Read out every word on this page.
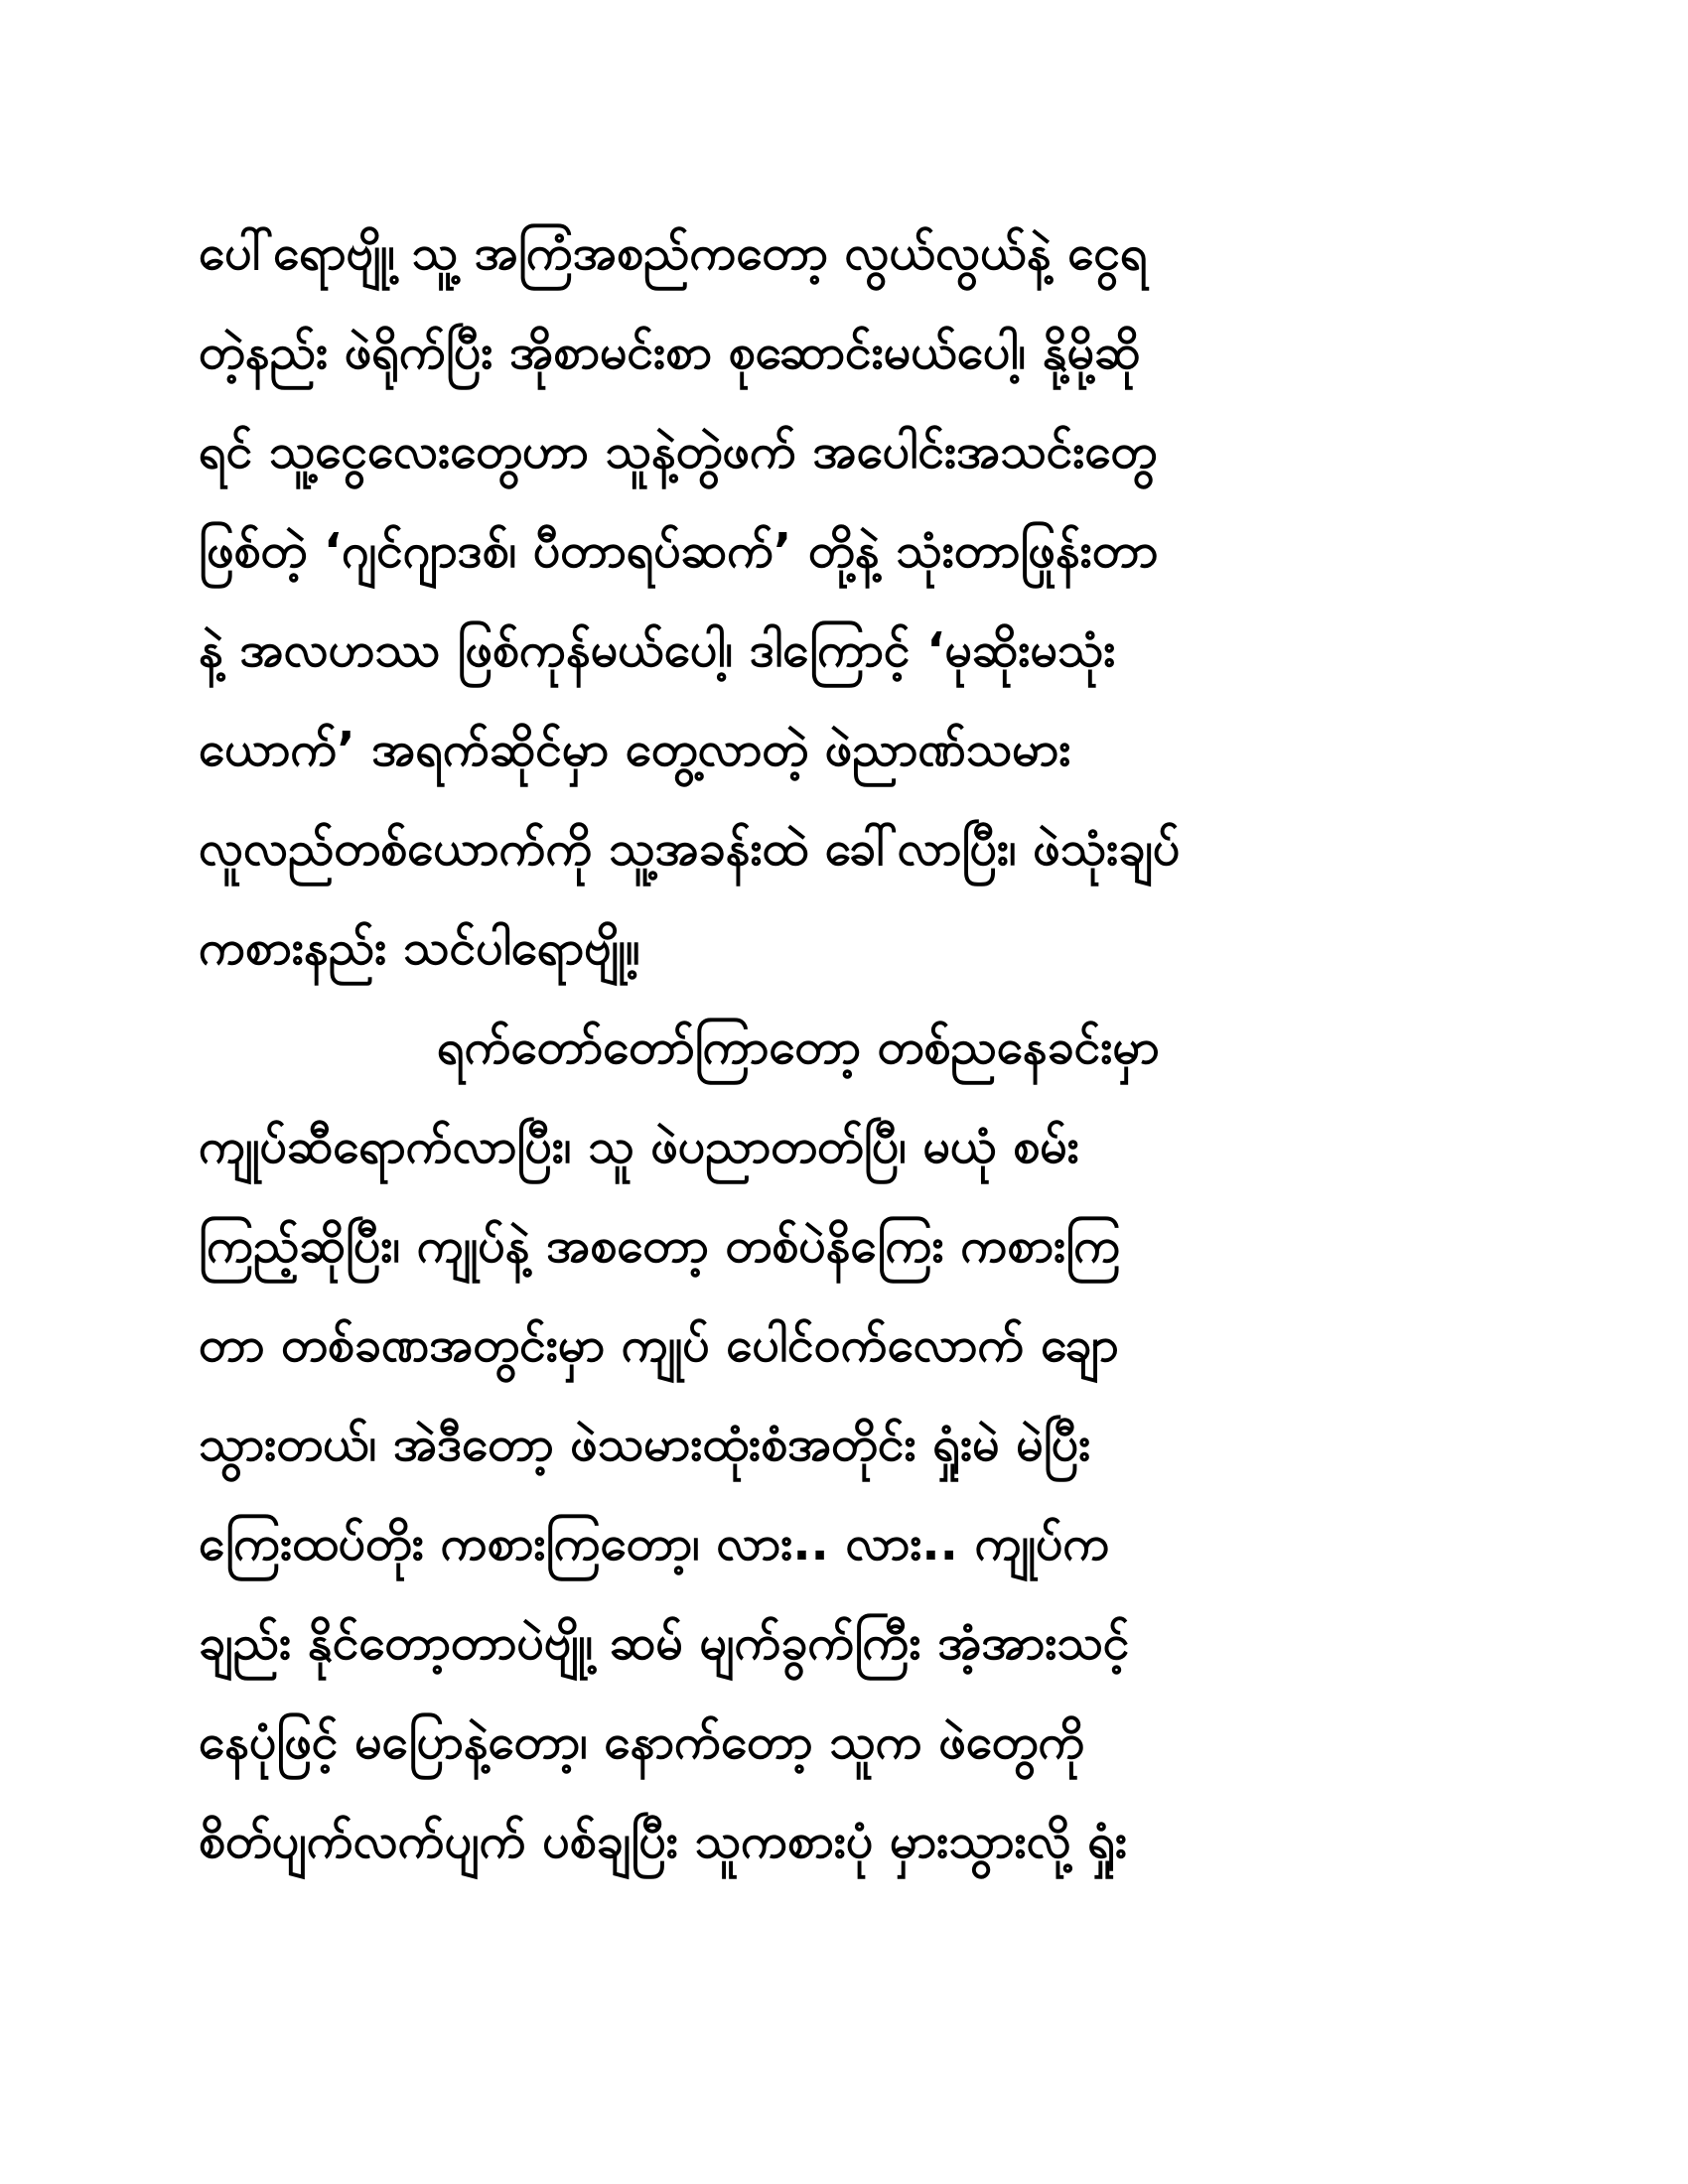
ပေါ်ရောဗျို့၊ သူ့ အကြံအစည်ကတော့ လွယ်လွယ်နဲ့ ငွေရ
တဲ့နည်း ဖဲရိုက်ပြီး အိုစာမင်းစာ စုဆောင်းမယ်ပေါ့၊ နို့မို့ဆို
ရင် သူ့ငွေလေးတွေဟာ သူနဲ့တွဲဖက် အပေါင်းအသင်းတွေ
ဖြစ်တဲ့ ‘ဂျင်ဂျာဒစ်၊ ပီတာရပ်ဆက်’ တို့နဲ့ သုံးတာဖြုန်းတာ
နဲ့ အလဟဿ ဖြစ်ကုန်မယ်ပေါ့၊ ဒါကြောင့် ‘မုဆိုးမသုံး
ယောက်’ အရက်ဆိုင်မှာ တွေ့လာတဲ့ ဖဲညာဏ်သမား
လူလည်တစ်ယောက်ကို သူ့အခန်းထဲ ခေါ်လာပြီး၊ ဖဲသုံးချပ်
ကစားနည်း သင်ပါရောဗျို့။
ရက်တော်တော်ကြာတော့ တစ်ညနေခင်းမှာ
ကျုပ်ဆီရောက်လာပြီး၊ သူ ဖဲပညာတတ်ပြီ၊ မယုံ စမ်း
ကြည့်ဆိုပြီး၊ ကျုပ်နဲ့ အစတော့ တစ်ပဲနိကြေး ကစားကြ
တာ တစ်ခဏအတွင်းမှာ ကျုပ် ပေါင်ဝက်လောက် ချော
သွားတယ်၊ အဲဒီတော့ ဖဲသမားထုံးစံအတိုင်း ရှုံးမဲ မဲပြီး
ကြေးထပ်တိုး ကစားကြတော့၊ လား.. လား.. ကျုပ်က
ချည်း နိုင်တော့တာပဲဗျို့၊ ဆမ် မျက်ခွက်ကြီး အံ့အားသင့်
နေပုံဖြင့် မပြောနဲ့တော့၊ နောက်တော့ သူက ဖဲတွေကို
စိတ်ပျက်လက်ပျက် ပစ်ချပြီး သူကစားပုံ မှားသွားလို့ ရှုံး
